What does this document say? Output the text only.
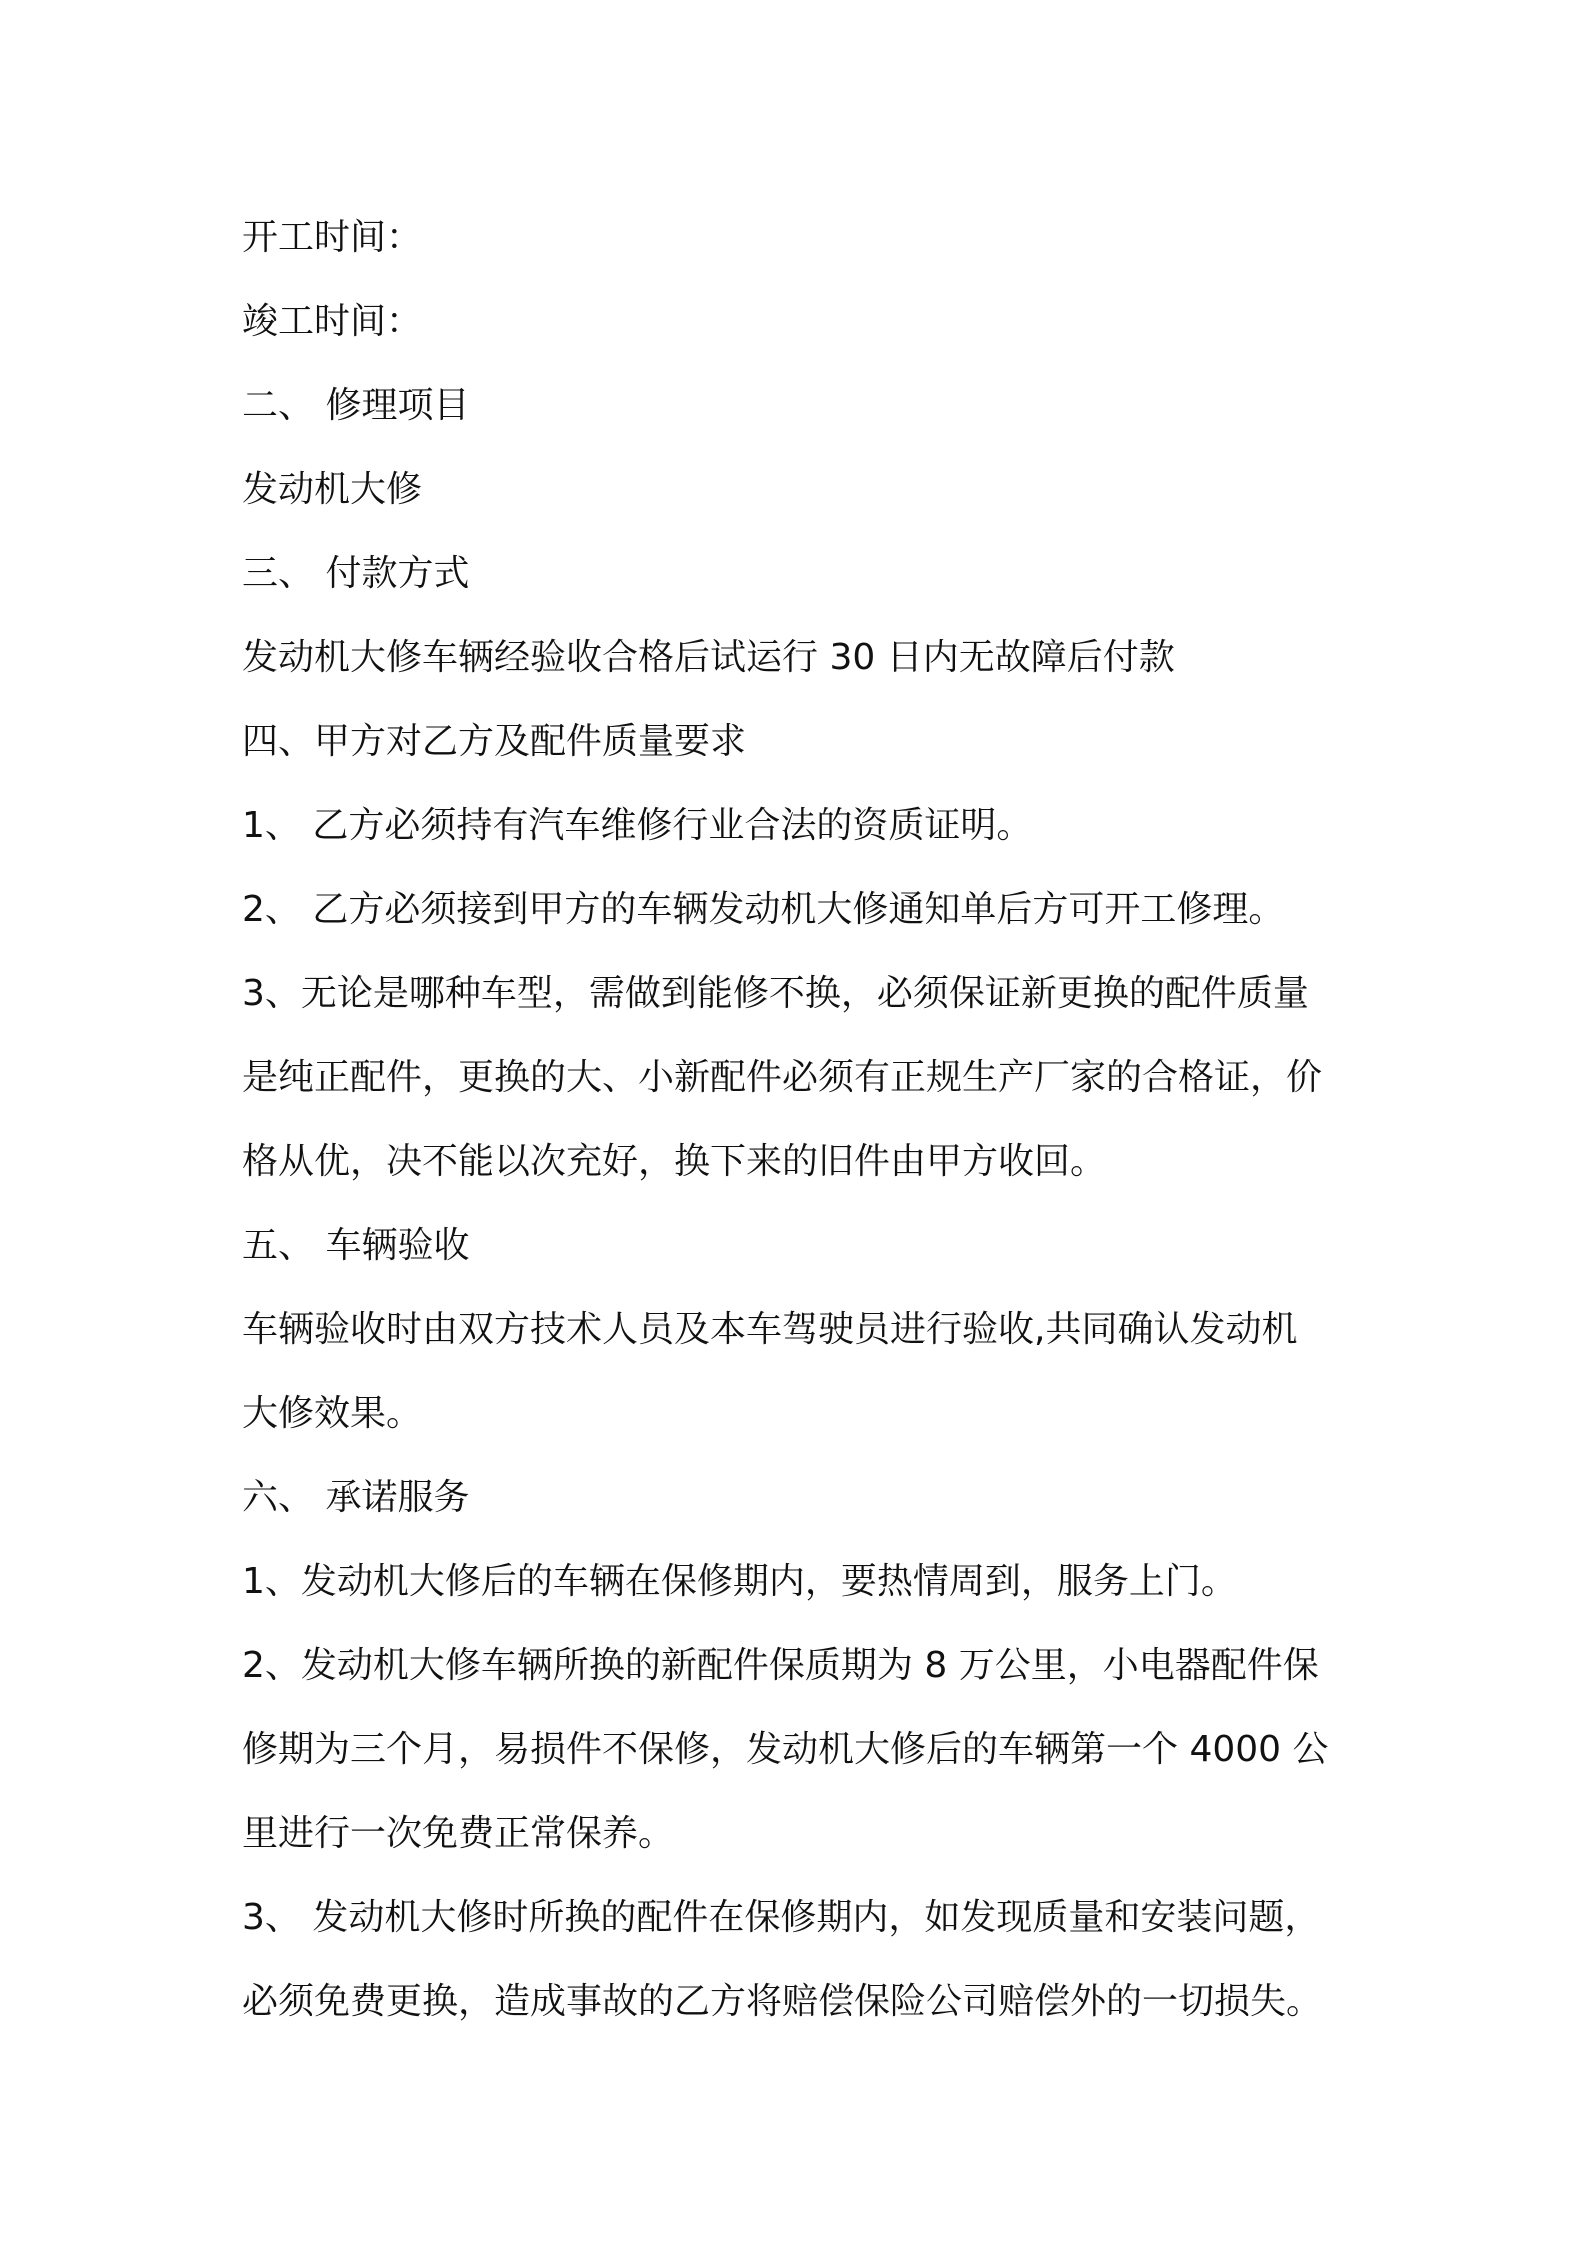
开工时间：
竣工时间：
二、 修理项目
发动机大修
三、 付款方式
发动机大修车辆经验收合格后试运行 30 日内无故障后付款
四、甲方对乙方及配件质量要求
1、 乙方必须持有汽车维修行业合法的资质证明。
2、 乙方必须接到甲方的车辆发动机大修通知单后方可开工修理。
3、无论是哪种车型，需做到能修不换，必须保证新更换的配件质量
是纯正配件，更换的大、小新配件必须有正规生产厂家的合格证，价
格从优，决不能以次充好，换下来的旧件由甲方收回。
五、 车辆验收
车辆验收时由双方技术人员及本车驾驶员进行验收,共同确认发动机
大修效果。
六、 承诺服务
1、发动机大修后的车辆在保修期内，要热情周到，服务上门。
2、发动机大修车辆所换的新配件保质期为 8 万公里，小电器配件保
修期为三个月，易损件不保修，发动机大修后的车辆第一个 4000 公
里进行一次免费正常保养。
3、 发动机大修时所换的配件在保修期内，如发现质量和安装问题，
必须免费更换，造成事故的乙方将赔偿保险公司赔偿外的一切损失。
